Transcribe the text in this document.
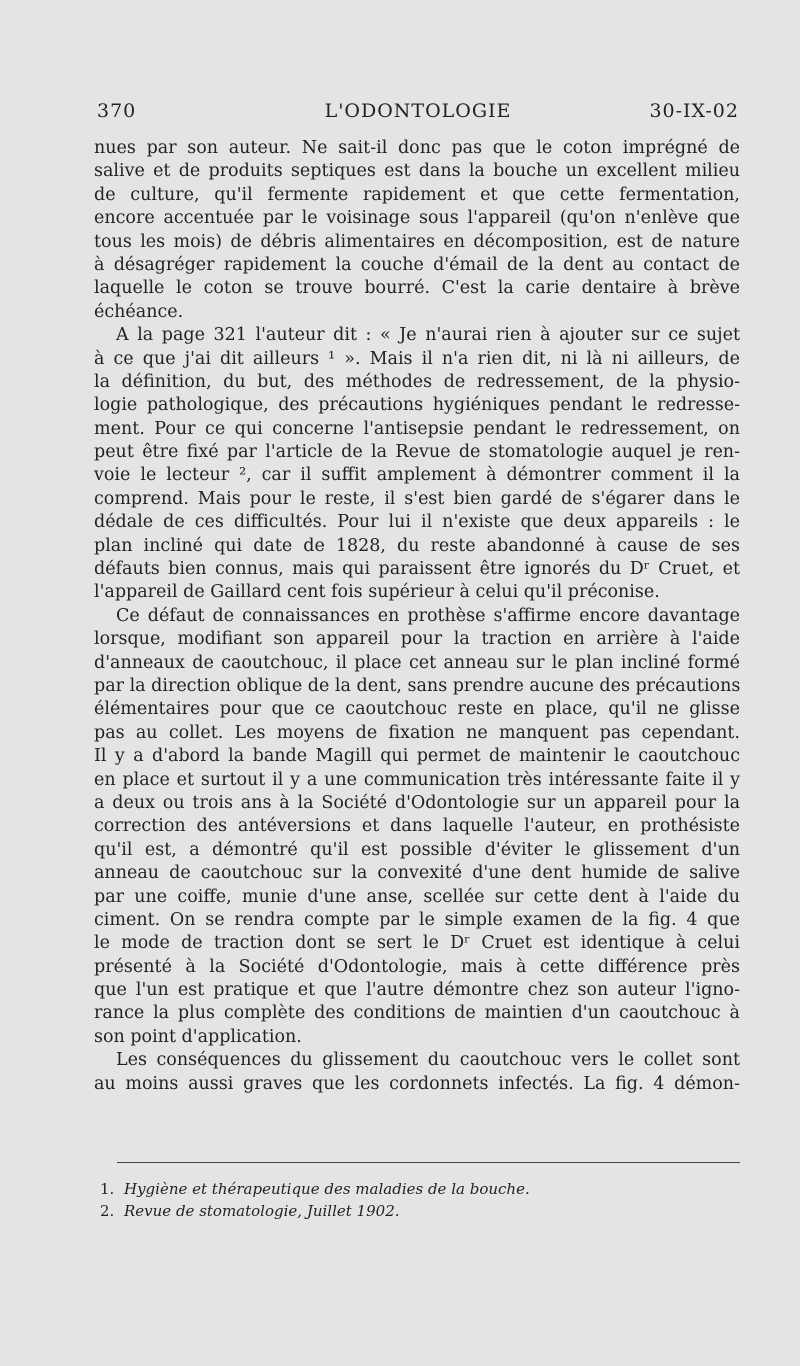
370	L'ODONTOLOGIE	30-IX-02
nues par son auteur. Ne sait-il donc pas que le coton imprégné de
salive et de produits septiques est dans la bouche un excellent milieu
de culture, qu'il fermente rapidement et que cette fermentation,
encore accentuée par le voisinage sous l'appareil (qu'on n'enlève que
tous les mois) de débris alimentaires en décomposition, est de nature
à désagréger rapidement la couche d'émail de la dent au contact de
laquelle le coton se trouve bourré. C'est la carie dentaire à brève
échéance.
A la page 321 l'auteur dit : « Je n'aurai rien à ajouter sur ce sujet
à ce que j'ai dit ailleurs ¹ ». Mais il n'a rien dit, ni là ni ailleurs, de
la définition, du but, des méthodes de redressement, de la physio-
logie pathologique, des précautions hygiéniques pendant le redresse-
ment. Pour ce qui concerne l'antisepsie pendant le redressement, on
peut être fixé par l'article de la Revue de stomatologie auquel je ren-
voie le lecteur ², car il suffit amplement à démontrer comment il la
comprend. Mais pour le reste, il s'est bien gardé de s'égarer dans le
dédale de ces difficultés. Pour lui il n'existe que deux appareils : le
plan incliné qui date de 1828, du reste abandonné à cause de ses
défauts bien connus, mais qui paraissent être ignorés du Dʳ Cruet, et
l'appareil de Gaillard cent fois supérieur à celui qu'il préconise.
Ce défaut de connaissances en prothèse s'affirme encore davantage
lorsque, modifiant son appareil pour la traction en arrière à l'aide
d'anneaux de caoutchouc, il place cet anneau sur le plan incliné formé
par la direction oblique de la dent, sans prendre aucune des précautions
élémentaires pour que ce caoutchouc reste en place, qu'il ne glisse
pas au collet. Les moyens de fixation ne manquent pas cependant.
Il y a d'abord la bande Magill qui permet de maintenir le caoutchouc
en place et surtout il y a une communication très intéressante faite il y
a deux ou trois ans à la Société d'Odontologie sur un appareil pour la
correction des antéversions et dans laquelle l'auteur, en prothésiste
qu'il est, a démontré qu'il est possible d'éviter le glissement d'un
anneau de caoutchouc sur la convexité d'une dent humide de salive
par une coiffe, munie d'une anse, scellée sur cette dent à l'aide du
ciment. On se rendra compte par le simple examen de la fig. 4 que
le mode de traction dont se sert le Dʳ Cruet est identique à celui
présenté à la Société d'Odontologie, mais à cette différence près
que l'un est pratique et que l'autre démontre chez son auteur l'igno-
rance la plus complète des conditions de maintien d'un caoutchouc à
son point d'application.
Les conséquences du glissement du caoutchouc vers le collet sont
au moins aussi graves que les cordonnets infectés. La fig. 4 démon-
1. Hygiène et thérapeutique des maladies de la bouche.
2. Revue de stomatologie, Juillet 1902.
